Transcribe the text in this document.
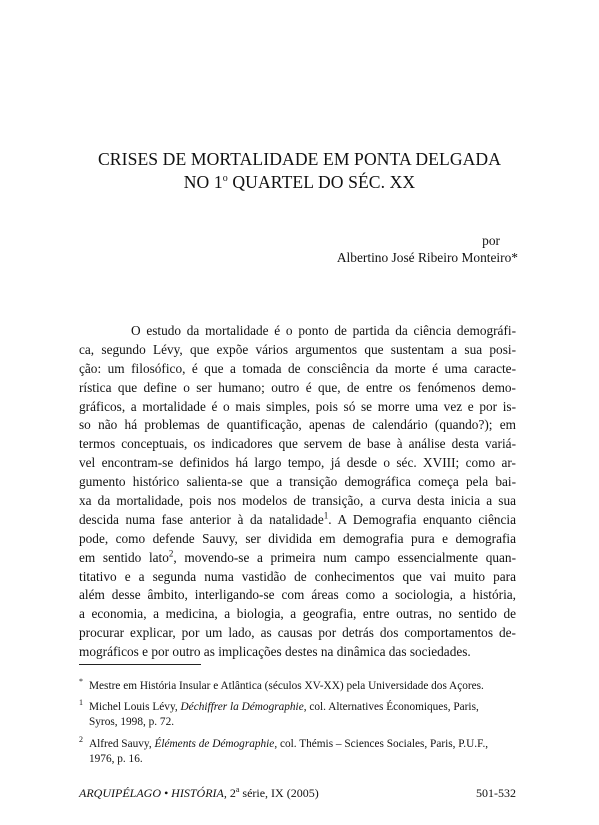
CRISES DE MORTALIDADE EM PONTA DELGADA
NO 1$^o$ QUARTEL DO SÉC. XX
por
Albertino José Ribeiro Monteiro*
O estudo da mortalidade é o ponto de partida da ciência demográfi-
ca, segundo Lévy, que expõe vários argumentos que sustentam a sua posi-
ção: um filosófico, é que a tomada de consciência da morte é uma caracte-
rística que define o ser humano; outro é que, de entre os fenómenos demo-
gráficos, a mortalidade é o mais simples, pois só se morre uma vez e por is-
so não há problemas de quantificação, apenas de calendário (quando?); em
termos conceptuais, os indicadores que servem de base à análise desta variá-
vel encontram-se definidos há largo tempo, já desde o séc. XVIII; como ar-
gumento histórico salienta-se que a transição demográfica começa pela bai-
xa da mortalidade, pois nos modelos de transição, a curva desta inicia a sua
descida numa fase anterior à da natalidade$^1$. A Demografia enquanto ciência
pode, como defende Sauvy, ser dividida em demografia pura e demografia
em sentido lato$^2$, movendo-se a primeira num campo essencialmente quan-
titativo e a segunda numa vastidão de conhecimentos que vai muito para
além desse âmbito, interligando-se com áreas como a sociologia, a história,
a economia, a medicina, a biologia, a geografia, entre outras, no sentido de
procurar explicar, por um lado, as causas por detrás dos comportamentos de-
mográficos e por outro as implicações destes na dinâmica das sociedades.
* Mestre em História Insular e Atlântica (séculos XV-XX) pela Universidade dos Açores.
1 Michel Louis Lévy, Déchiffrer la Démographie, col. Alternatives Économiques, Paris,
Syros, 1998, p. 72.
2 Alfred Sauvy, Éléments de Démographie, col. Thémis – Sciences Sociales, Paris, P.U.F.,
1976, p. 16.
ARQUIPÉLAGO • HISTÓRIA, 2$^a$ série, IX (2005)	501-532
